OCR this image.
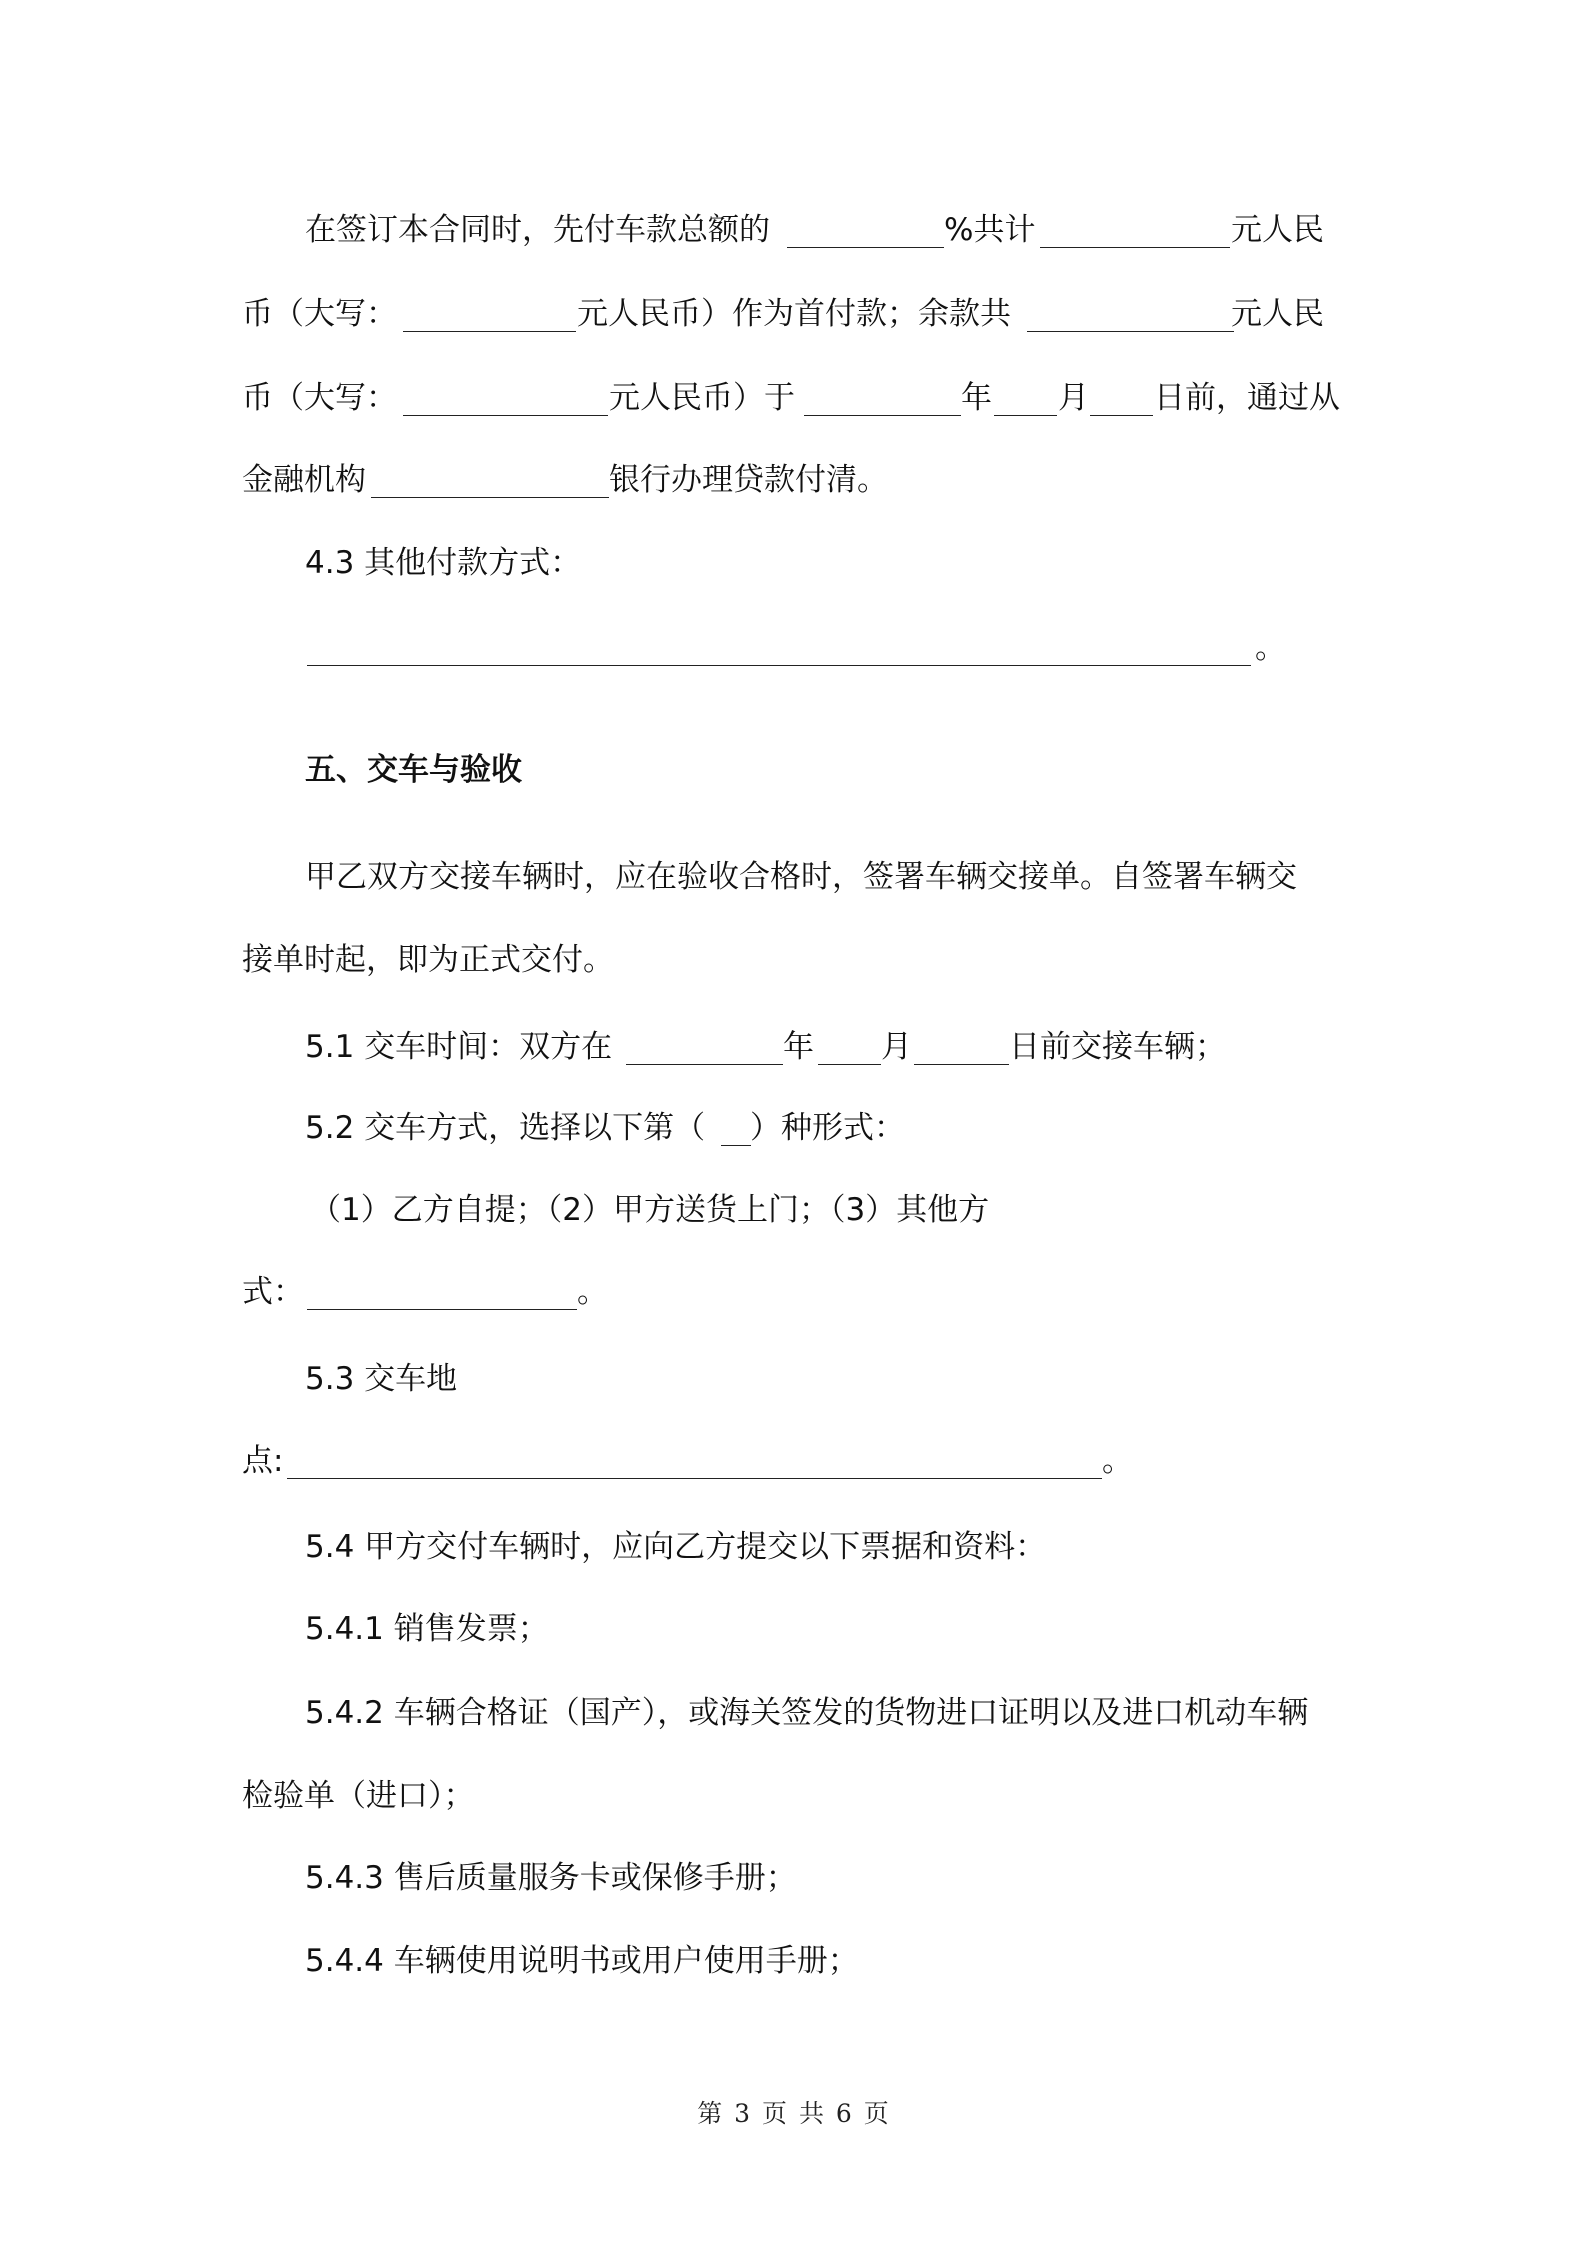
在签订本合同时，先付车款总额的	%共计	元人民
币（大写：	元人民币）作为首付款；余款共	元人民
币（大写：	元人民币）于	年 月 日前，通过从
金融机构	银行办理贷款付清。
4.3 其他付款方式：
。
五、交车与验收
甲乙双方交接车辆时，应在验收合格时，签署车辆交接单。自签署车辆交
接单时起，即为正式交付。
5.1 交车时间：双方在	年 月	日前交接车辆；
5.2 交车方式，选择以下第（ ）种形式：
（1）乙方自提；（2）甲方送货上门；（3）其他方
式：	。
5.3 交车地
点:	。
5.4 甲方交付车辆时，应向乙方提交以下票据和资料：
5.4.1 销售发票；
5.4.2 车辆合格证（国产），或海关签发的货物进口证明以及进口机动车辆
检验单（进口）；
5.4.3 售后质量服务卡或保修手册；
5.4.4 车辆使用说明书或用户使用手册；
第 3 页 共 6 页
